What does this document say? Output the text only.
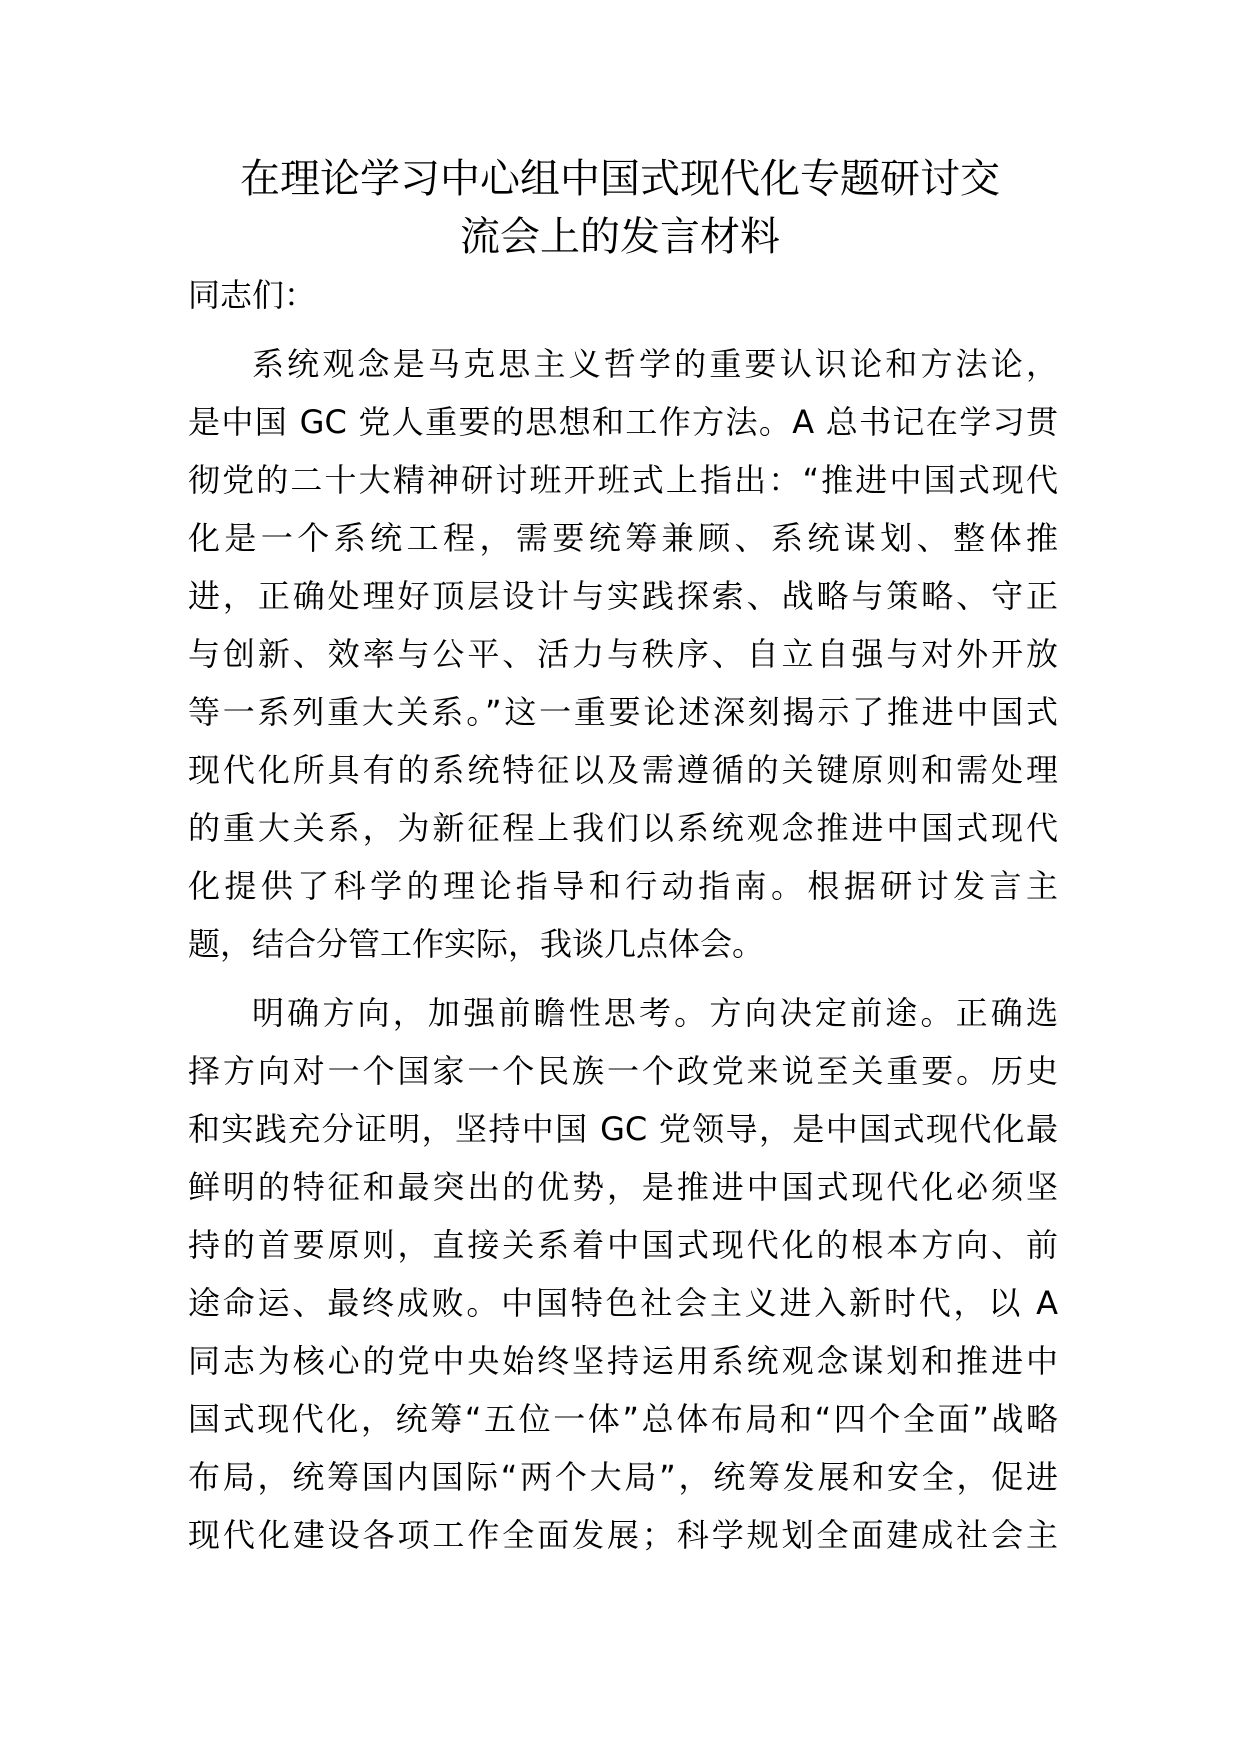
在理论学习中心组中国式现代化专题研讨交
流会上的发言材料

同志们：

系统观念是马克思主义哲学的重要认识论和方法论，
是中国 GC 党人重要的思想和工作方法。A 总书记在学习贯
彻党的二十大精神研讨班开班式上指出：“推进中国式现代
化是一个系统工程，需要统筹兼顾、系统谋划、整体推
进，正确处理好顶层设计与实践探索、战略与策略、守正
与创新、效率与公平、活力与秩序、自立自强与对外开放
等一系列重大关系。”这一重要论述深刻揭示了推进中国式
现代化所具有的系统特征以及需遵循的关键原则和需处理
的重大关系，为新征程上我们以系统观念推进中国式现代
化提供了科学的理论指导和行动指南。根据研讨发言主
题，结合分管工作实际，我谈几点体会。

明确方向，加强前瞻性思考。方向决定前途。正确选
择方向对一个国家一个民族一个政党来说至关重要。历史
和实践充分证明，坚持中国 GC 党领导，是中国式现代化最
鲜明的特征和最突出的优势，是推进中国式现代化必须坚
持的首要原则，直接关系着中国式现代化的根本方向、前
途命运、最终成败。中国特色社会主义进入新时代，以 A
同志为核心的党中央始终坚持运用系统观念谋划和推进中
国式现代化，统筹“五位一体”总体布局和“四个全面”战略
布局，统筹国内国际“两个大局”，统筹发展和安全，促进
现代化建设各项工作全面发展；科学规划全面建成社会主
